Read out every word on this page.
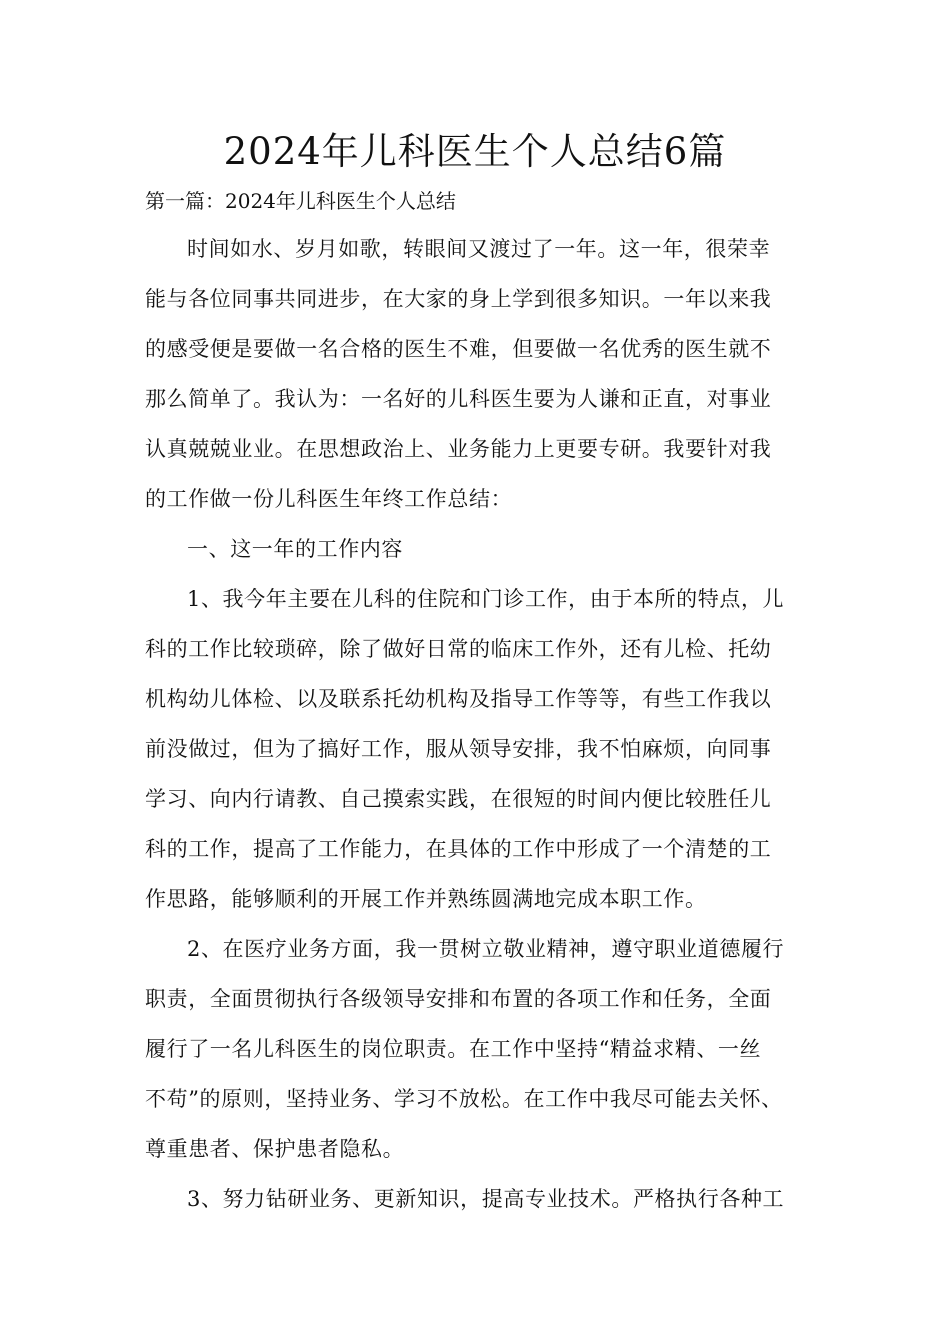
2024年儿科医生个人总结6篇

第一篇：2024年儿科医生个人总结

时间如水、岁月如歌，转眼间又渡过了一年。这一年，很荣幸

能与各位同事共同进步，在大家的身上学到很多知识。一年以来我

的感受便是要做一名合格的医生不难，但要做一名优秀的医生就不

那么简单了。我认为：一名好的儿科医生要为人谦和正直，对事业

认真兢兢业业。在思想政治上、业务能力上更要专研。我要针对我

的工作做一份儿科医生年终工作总结：

一、这一年的工作内容

1、我今年主要在儿科的住院和门诊工作，由于本所的特点，儿

科的工作比较琐碎，除了做好日常的临床工作外，还有儿检、托幼

机构幼儿体检、以及联系托幼机构及指导工作等等，有些工作我以

前没做过，但为了搞好工作，服从领导安排，我不怕麻烦，向同事

学习、向内行请教、自己摸索实践，在很短的时间内便比较胜任儿

科的工作，提高了工作能力，在具体的工作中形成了一个清楚的工

作思路，能够顺利的开展工作并熟练圆满地完成本职工作。

2、在医疗业务方面，我一贯树立敬业精神，遵守职业道德履行

职责，全面贯彻执行各级领导安排和布置的各项工作和任务，全面

履行了一名儿科医生的岗位职责。在工作中坚持“精益求精、一丝

不苟”的原则，坚持业务、学习不放松。在工作中我尽可能去关怀、

尊重患者、保护患者隐私。

3、努力钻研业务、更新知识，提高专业技术。严格执行各种工
